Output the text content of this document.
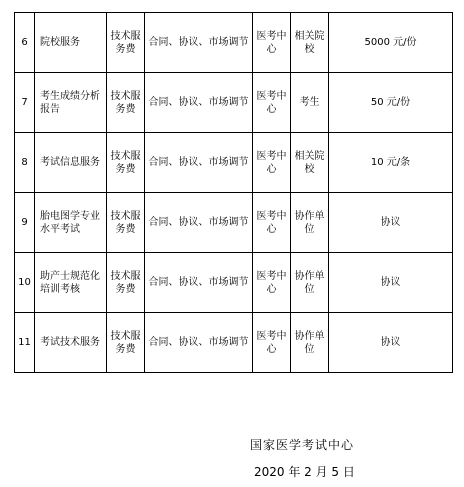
6	院校服务	技术服务费	合同、协议、市场调节	医考中心	相关院校	5000 元/份
7	考生成绩分析报告	技术服务费	合同、协议、市场调节	医考中心	考生	50 元/份
8	考试信息服务	技术服务费	合同、协议、市场调节	医考中心	相关院校	10 元/条
9	胎电图学专业水平考试	技术服务费	合同、协议、市场调节	医考中心	协作单位	协议
10	助产士规范化培训考核	技术服务费	合同、协议、市场调节	医考中心	协作单位	协议
11	考试技术服务	技术服务费	合同、协议、市场调节	医考中心	协作单位	协议
国家医学考试中心
2020 年 2 月 5 日
